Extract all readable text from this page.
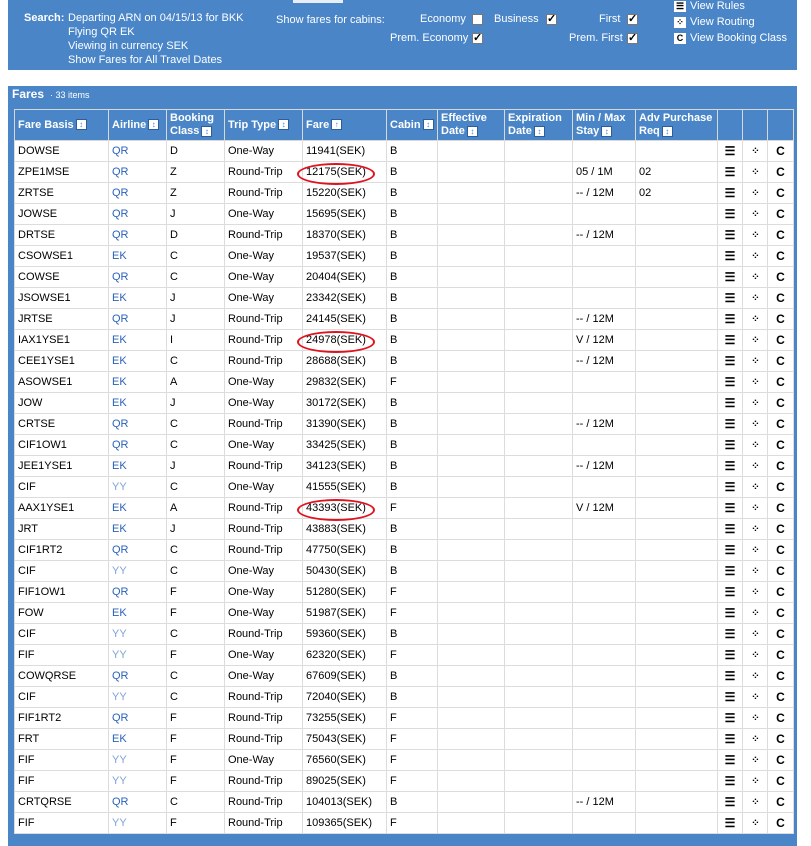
Search: Departing ARN on 04/15/13 for BKK
Flying QR EK
Viewing in currency SEK
Show Fares for All Travel Dates
Show fares for cabins:	Economy	Business ✓	First
✓
Prem. Economy ✓	Prem. First
✓
☰ View Rules
⁘ View Routing
C View Booking Class
Fares · 33 items
Fare Basis ↕	Airline ↕	Booking Class ↕	Trip Type ↕	Fare ↑	Cabin ↕	Effective Date ↕	Expiration Date ↕	Min / Max Stay ↕	Adv Purchase Req ↕			
DOWSE	QR	D	One-Way	11941(SEK)	B					☰	⁘	C
ZPE1MSE	QR	Z	Round-Trip	12175(SEK)	B			05 / 1M	02	☰	⁘	C
ZRTSE	QR	Z	Round-Trip	15220(SEK)	B			-- / 12M	02	☰	⁘	C
JOWSE	QR	J	One-Way	15695(SEK)	B					☰	⁘	C
DRTSE	QR	D	Round-Trip	18370(SEK)	B			-- / 12M		☰	⁘	C
CSOWSE1	EK	C	One-Way	19537(SEK)	B					☰	⁘	C
COWSE	QR	C	One-Way	20404(SEK)	B					☰	⁘	C
JSOWSE1	EK	J	One-Way	23342(SEK)	B					☰	⁘	C
JRTSE	QR	J	Round-Trip	24145(SEK)	B			-- / 12M		☰	⁘	C
IAX1YSE1	EK	I	Round-Trip	24978(SEK)	B			V / 12M		☰	⁘	C
CEE1YSE1	EK	C	Round-Trip	28688(SEK)	B			-- / 12M		☰	⁘	C
ASOWSE1	EK	A	One-Way	29832(SEK)	F					☰	⁘	C
JOW	EK	J	One-Way	30172(SEK)	B					☰	⁘	C
CRTSE	QR	C	Round-Trip	31390(SEK)	B			-- / 12M		☰	⁘	C
CIF1OW1	QR	C	One-Way	33425(SEK)	B					☰	⁘	C
JEE1YSE1	EK	J	Round-Trip	34123(SEK)	B			-- / 12M		☰	⁘	C
CIF	YY	C	One-Way	41555(SEK)	B					☰	⁘	C
AAX1YSE1	EK	A	Round-Trip	43393(SEK)	F			V / 12M		☰	⁘	C
JRT	EK	J	Round-Trip	43883(SEK)	B					☰	⁘	C
CIF1RT2	QR	C	Round-Trip	47750(SEK)	B					☰	⁘	C
CIF	YY	C	One-Way	50430(SEK)	B					☰	⁘	C
FIF1OW1	QR	F	One-Way	51280(SEK)	F					☰	⁘	C
FOW	EK	F	One-Way	51987(SEK)	F					☰	⁘	C
CIF	YY	C	Round-Trip	59360(SEK)	B					☰	⁘	C
FIF	YY	F	One-Way	62320(SEK)	F					☰	⁘	C
COWQRSE	QR	C	One-Way	67609(SEK)	B					☰	⁘	C
CIF	YY	C	Round-Trip	72040(SEK)	B					☰	⁘	C
FIF1RT2	QR	F	Round-Trip	73255(SEK)	F					☰	⁘	C
FRT	EK	F	Round-Trip	75043(SEK)	F					☰	⁘	C
FIF	YY	F	One-Way	76560(SEK)	F					☰	⁘	C
FIF	YY	F	Round-Trip	89025(SEK)	F					☰	⁘	C
CRTQRSE	QR	C	Round-Trip	104013(SEK)	B			-- / 12M		☰	⁘	C
FIF	YY	F	Round-Trip	109365(SEK)	F					☰	⁘	C
